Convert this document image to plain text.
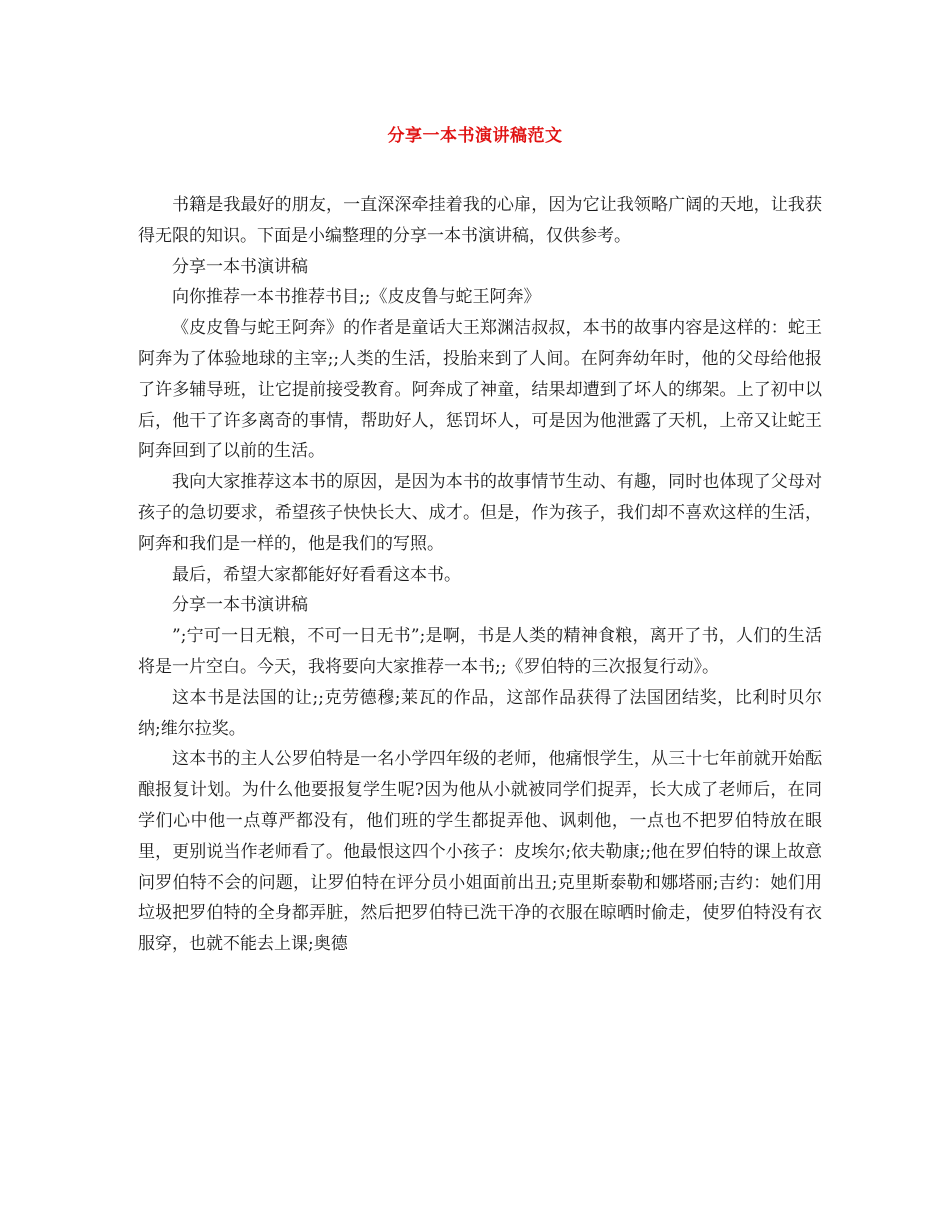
分享一本书演讲稿范文

书籍是我最好的朋友，一直深深牵挂着我的心扉，因为它让我领略广阔的天地，让我获得无限的知识。下面是小编整理的分享一本书演讲稿，仅供参考。

分享一本书演讲稿

向你推荐一本书推荐书目;;《皮皮鲁与蛇王阿奔》

《皮皮鲁与蛇王阿奔》的作者是童话大王郑渊洁叔叔，本书的故事内容是这样的：蛇王阿奔为了体验地球的主宰;;人类的生活，投胎来到了人间。在阿奔幼年时，他的父母给他报了许多辅导班，让它提前接受教育。阿奔成了神童，结果却遭到了坏人的绑架。上了初中以后，他干了许多离奇的事情，帮助好人，惩罚坏人，可是因为他泄露了天机，上帝又让蛇王阿奔回到了以前的生活。

我向大家推荐这本书的原因，是因为本书的故事情节生动、有趣，同时也体现了父母对孩子的急切要求，希望孩子快快长大、成才。但是，作为孩子，我们却不喜欢这样的生活，阿奔和我们是一样的，他是我们的写照。

最后，希望大家都能好好看看这本书。

分享一本书演讲稿

”;宁可一日无粮，不可一日无书”;是啊，书是人类的精神食粮，离开了书，人们的生活将是一片空白。今天，我将要向大家推荐一本书;;《罗伯特的三次报复行动》。

这本书是法国的让;;克劳德穆;莱瓦的作品，这部作品获得了法国团结奖，比利时贝尔纳;维尔拉奖。

这本书的主人公罗伯特是一名小学四年级的老师，他痛恨学生，从三十七年前就开始酝酿报复计划。为什么他要报复学生呢?因为他从小就被同学们捉弄，长大成了老师后，在同学们心中他一点尊严都没有，他们班的学生都捉弄他、讽刺他，一点也不把罗伯特放在眼里，更别说当作老师看了。他最恨这四个小孩子：皮埃尔;依夫勒康;;他在罗伯特的课上故意问罗伯特不会的问题，让罗伯特在评分员小姐面前出丑;克里斯泰勒和娜塔丽;吉约：她们用垃圾把罗伯特的全身都弄脏，然后把罗伯特已洗干净的衣服在晾晒时偷走，使罗伯特没有衣服穿，也就不能去上课;奥德
